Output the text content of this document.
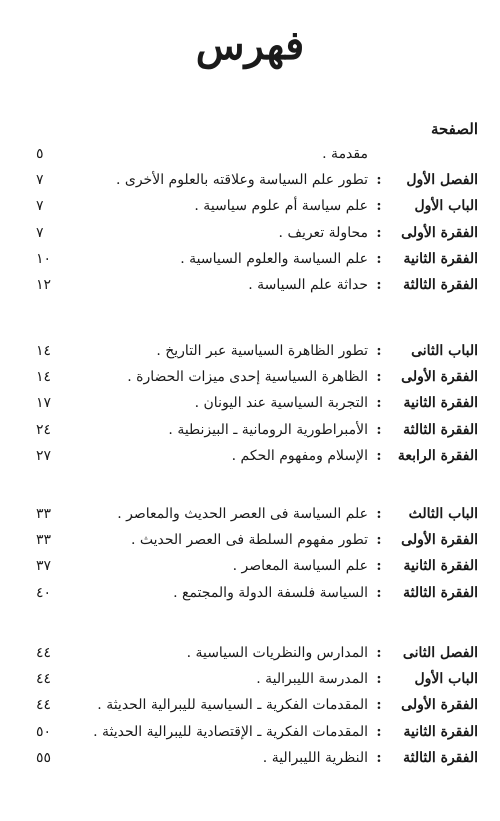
فهرس
الصفحة
مقدمة .
٥
الفصل الأول
:
تطور علم السياسة وعلاقته بالعلوم الأخرى .
٧
الباب الأول
:
علم سياسة أم علوم سياسية .
٧
الفقرة الأولى
:
محاولة تعريف .
٧
الفقرة الثانية
:
علم السياسة والعلوم السياسية .
١٠
الفقرة الثالثة
:
حداثة علم السياسة .
١٢
الباب الثانى
:
تطور الظاهرة السياسية عبر التاريخ .
١٤
الفقرة الأولى
:
الظاهرة السياسية إحدى ميزات الحضارة .
١٤
الفقرة الثانية
:
التجربة السياسية عند اليونان .
١٧
الفقرة الثالثة
:
الأمبراطورية الرومانية ـ البيزنطية .
٢٤
الفقرة الرابعة
:
الإسلام ومفهوم الحكم .
٢٧
الباب الثالث
:
علم السياسة فى العصر الحديث والمعاصر .
٣٣
الفقرة الأولى
:
تطور مفهوم السلطة فى العصر الحديث .
٣٣
الفقرة الثانية
:
علم السياسة المعاصر .
٣٧
الفقرة الثالثة
:
السياسة فلسفة الدولة والمجتمع .
٤٠
الفصل الثانى
:
المدارس والنظريات السياسية .
٤٤
الباب الأول
:
المدرسة الليبرالية .
٤٤
الفقرة الأولى
:
المقدمات الفكرية ـ السياسية لليبرالية الحديثة .
٤٤
الفقرة الثانية
:
المقدمات الفكرية ـ الإقتصادية لليبرالية الحديثة .
٥٠
الفقرة الثالثة
:
النظرية الليبرالية .
٥٥
